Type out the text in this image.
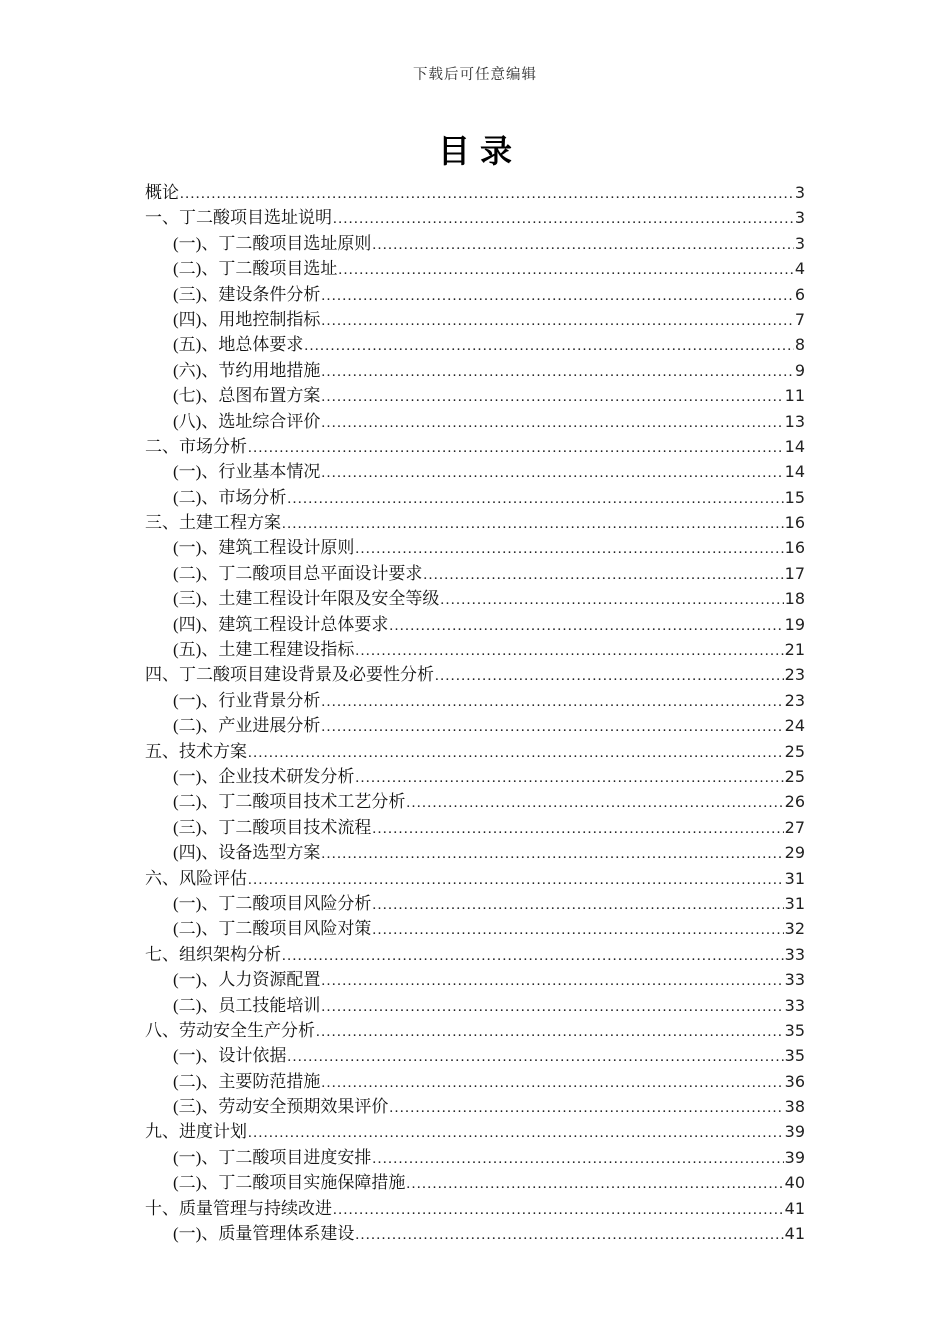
下载后可任意编辑
目录
概论 .....	3
一、丁二酸项目选址说明 .....	3
(一)、丁二酸项目选址原则 .....	3
(二)、丁二酸项目选址 .....	4
(三)、建设条件分析 .....	6
(四)、用地控制指标 .....	7
(五)、地总体要求 .....	8
(六)、节约用地措施 .....	9
(七)、总图布置方案 .....	11
(八)、选址综合评价 .....	13
二、市场分析 .....	14
(一)、行业基本情况 .....	14
(二)、市场分析 .....	15
三、土建工程方案 .....	16
(一)、建筑工程设计原则 .....	16
(二)、丁二酸项目总平面设计要求 .....	17
(三)、土建工程设计年限及安全等级 .....	18
(四)、建筑工程设计总体要求 .....	19
(五)、土建工程建设指标 .....	21
四、丁二酸项目建设背景及必要性分析 .....	23
(一)、行业背景分析 .....	23
(二)、产业进展分析 .....	24
五、技术方案 .....	25
(一)、企业技术研发分析 .....	25
(二)、丁二酸项目技术工艺分析 .....	26
(三)、丁二酸项目技术流程 .....	27
(四)、设备选型方案 .....	29
六、风险评估 .....	31
(一)、丁二酸项目风险分析 .....	31
(二)、丁二酸项目风险对策 .....	32
七、组织架构分析 .....	33
(一)、人力资源配置 .....	33
(二)、员工技能培训 .....	33
八、劳动安全生产分析 .....	35
(一)、设计依据 .....	35
(二)、主要防范措施 .....	36
(三)、劳动安全预期效果评价 .....	38
九、进度计划 .....	39
(一)、丁二酸项目进度安排 .....	39
(二)、丁二酸项目实施保障措施 .....	40
十、质量管理与持续改进 .....	41
(一)、质量管理体系建设 .....	41
